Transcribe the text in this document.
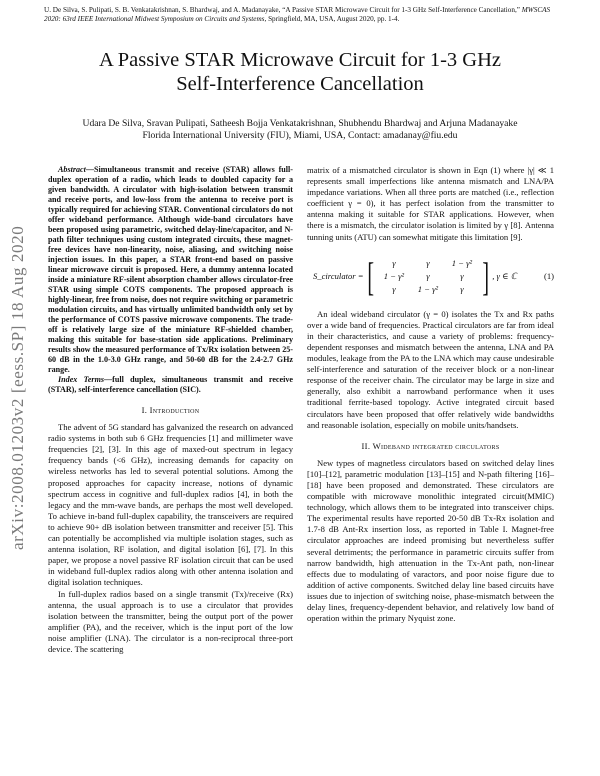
U. De Silva, S. Pulipati, S. B. Venkatakrishnan, S. Bhardwaj, and A. Madanayake, “A Passive STAR Microwave Circuit for 1-3 GHz Self-Interference Cancellation,” MWSCAS 2020: 63rd IEEE International Midwest Symposium on Circuits and Systems, Springfield, MA, USA, August 2020, pp. 1-4.
arXiv:2008.01203v2 [eess.SP] 18 Aug 2020
A Passive STAR Microwave Circuit for 1-3 GHz
Self-Interference Cancellation
Udara De Silva, Sravan Pulipati, Satheesh Bojja Venkatakrishnan, Shubhendu Bhardwaj and Arjuna Madanayake
Florida International University (FIU), Miami, USA, Contact: amadanay@fiu.edu

Abstract—Simultaneous transmit and receive (STAR) allows full-duplex operation of a radio, which leads to doubled capacity for a given bandwidth. A circulator with high-isolation between transmit and receive ports, and low-loss from the antenna to receive port is typically required for achieving STAR. Conventional circulators do not offer wideband performance. Although wide-band circulators have been proposed using parametric, switched delay-line/capacitor, and N-path filter techniques using custom integrated circuits, these magnet-free devices have non-linearity, noise, aliasing, and switching noise injection issues. In this paper, a STAR front-end based on passive linear microwave circuit is proposed. Here, a dummy antenna located inside a miniature RF-silent absorption chamber allows circulator-free STAR using simple COTS components. The proposed approach is highly-linear, free from noise, does not require switching or parametric modulation circuits, and has virtually unlimited bandwidth only set by the performance of COTS passive microwave components. The trade-off is relatively large size of the miniature RF-shielded chamber, making this suitable for base-station side applications. Preliminary results show the measured performance of Tx/Rx isolation between 25-60 dB in the 1.0-3.0 GHz range, and 50-60 dB for the 2.4-2.7 GHz range.

Index Terms—full duplex, simultaneous transmit and receive (STAR), self-interference cancellation (SIC).

I. Introduction

The advent of 5G standard has galvanized the research on advanced radio systems in both sub 6 GHz frequencies [1] and millimeter wave frequencies [2], [3]. In this age of maxed-out spectrum in legacy frequency bands (<6 GHz), increasing demands for capacity on wireless networks has led to several potential solutions. Among the proposed approaches for capacity increase, notions of dynamic spectrum access in cognitive and full-duplex radios [4], in both the legacy and the mm-wave bands, are perhaps the most well developed. To achieve in-band full-duplex capability, the transceivers are required to achieve 90+ dB isolation between transmitter and receiver [5]. This can potentially be accomplished via multiple isolation stages, such as antenna isolation, RF isolation, and digital isolation [6], [7]. In this paper, we propose a novel passive RF isolation circuit that can be used in wideband full-duplex radios along with other antenna isolation and digital isolation techniques.

In full-duplex radios based on a single transmit (Tx)/receive (Rx) antenna, the usual approach is to use a circulator that provides isolation between the transmitter, being the output port of the power amplifier (PA), and the receiver, which is the input port of the low noise amplifier (LNA). The circulator is a non-reciprocal three-port device. The scattering

matrix of a mismatched circulator is shown in Eqn (1) where |γ| ≪ 1 represents small imperfections like antenna mismatch and LNA/PA impedance variations. When all three ports are matched (i.e., reflection coefficient γ = 0), it has perfect isolation from the transmitter to antenna making it suitable for STAR applications. However, when there is a mismatch, the circulator isolation is limited by γ [8]. Antenna tunning units (ATU) can somewhat mitigate this limitation [9].

S_circulator = [	γ	γ	1 − γ²
1 − γ²	γ	γ
γ	1 − γ²	γ ] , γ ∈ ℂ	(1)

An ideal wideband circulator (γ = 0) isolates the Tx and Rx paths over a wide band of frequencies. Practical circulators are far from ideal in their characteristics, and cause a variety of problems: frequency-dependent responses and mismatch between the antenna, LNA and PA modules, leakage from the PA to the LNA which may cause undesirable self-interference and saturation of the receiver block or a non-linear response of the receiver chain. The circulator may be large in size and generally, also exhibit a narrowband performance when it uses traditional ferrite-based topology. Active integrated circuit based circulators have been proposed that offer relatively wide bandwidths and reasonable isolation, especially on mobile units/handsets.

II. Wideband integrated circulators

New types of magnetless circulators based on switched delay lines [10]–[12], parametric modulation [13]–[15] and N-path filtering [16]–[18] have been proposed and demonstrated. These circulators are compatible with microwave monolithic integrated circuit(MMIC) technology, which allows them to be integrated into transceiver chips. The experimental results have reported 20-50 dB Tx-Rx isolation and 1.7-8 dB Ant-Rx insertion loss, as reported in Table I. Magnet-free circulator approaches are indeed promising but nevertheless suffer several detriments; the performance in parametric circuits suffer from narrow bandwidth, high attenuation in the Tx-Ant path, non-linear effects due to modulating of varactors, and poor noise figure due to addition of active components. Switched delay line based circuits have issues due to injection of switching noise, phase-mismatch between the delay lines, frequency-dependent behavior, and relatively low band of operation within the primary Nyquist zone.
